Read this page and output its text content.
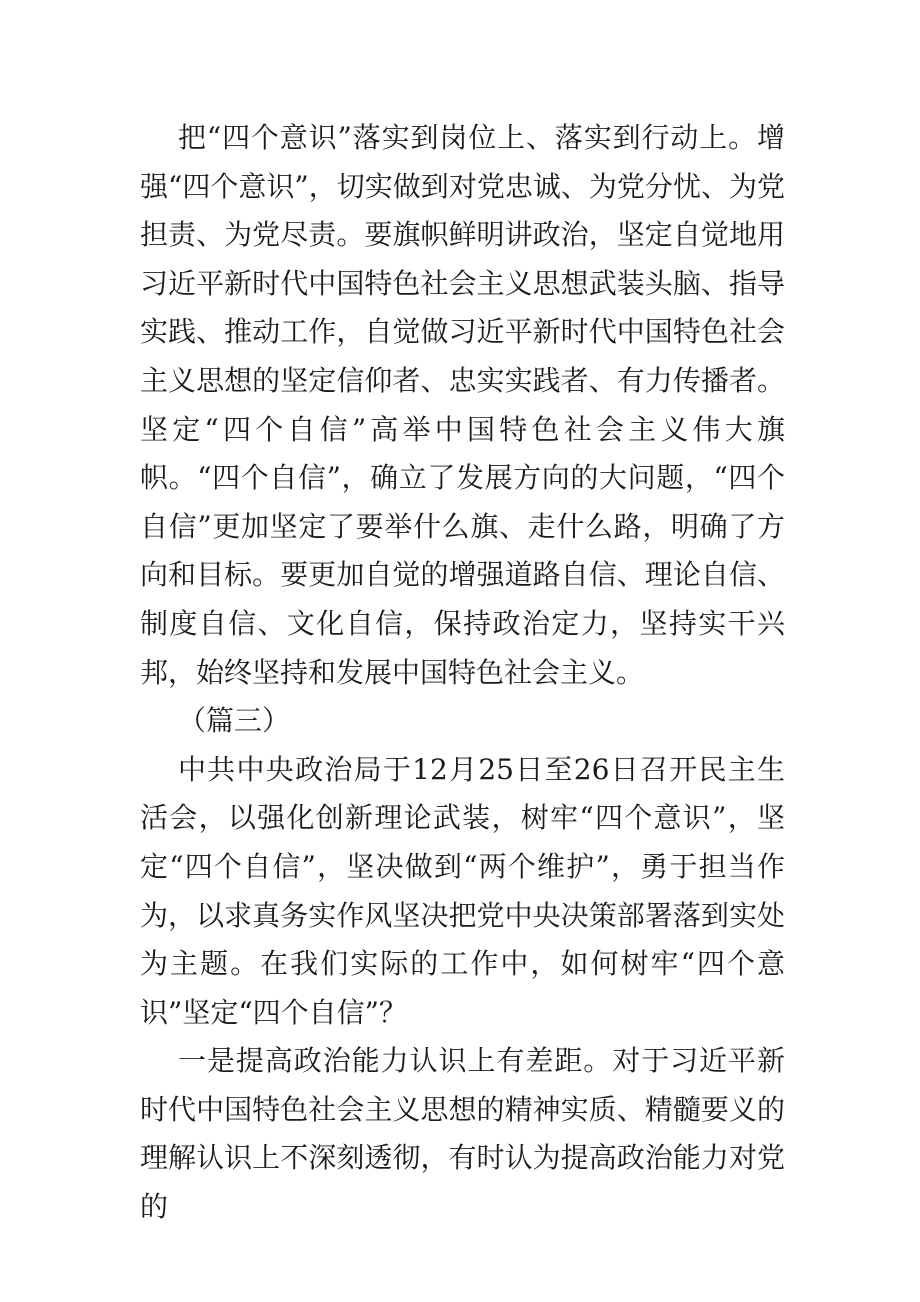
把“四个意识”落实到岗位上、落实到行动上。增强“四个意识”，切实做到对党忠诚、为党分忧、为党担责、为党尽责。要旗帜鲜明讲政治，坚定自觉地用习近平新时代中国特色社会主义思想武装头脑、指导实践、推动工作，自觉做习近平新时代中国特色社会主义思想的坚定信仰者、忠实实践者、有力传播者。坚定“四个自信”高举中国特色社会主义伟大旗帜。“四个自信”，确立了发展方向的大问题，“四个自信”更加坚定了要举什么旗、走什么路，明确了方向和目标。要更加自觉的增强道路自信、理论自信、制度自信、文化自信，保持政治定力，坚持实干兴邦，始终坚持和发展中国特色社会主义。

（篇三）

中共中央政治局于12月25日至26日召开民主生活会，以强化创新理论武装，树牢“四个意识”，坚定“四个自信”，坚决做到“两个维护”，勇于担当作为，以求真务实作风坚决把党中央决策部署落到实处为主题。在我们实际的工作中，如何树牢“四个意识”坚定“四个自信”？

一是提高政治能力认识上有差距。对于习近平新时代中国特色社会主义思想的精神实质、精髓要义的理解认识上不深刻透彻，有时认为提高政治能力对党的
